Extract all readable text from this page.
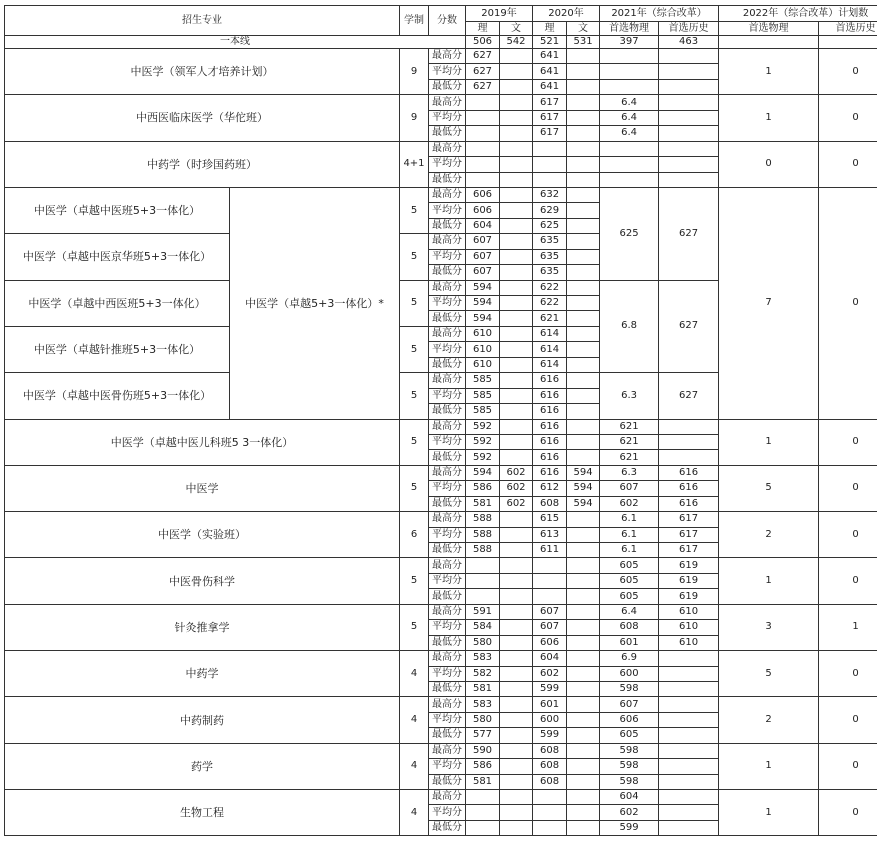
招生专业		学制	分数	2019年		2020年		2021年（综合改革）		2022年（综合改革）计划数	
				理	文	理	文	首选物理	首选历史	首选物理	首选历史
一本线				506	542	521	531	397	463		
中医学（领军人才培养计划）		9	最高分	627		641				1	0
			平均分	627		641					
			最低分	627		641					
中西医临床医学（华佗班）		9	最高分			617		6.4		1	0
			平均分			617		6.4			
			最低分			617		6.4			
中药学（时珍国药班）		4+1	最高分							0	0
			平均分								
			最低分								
中医学（卓越中医班5+3一体化）	中医学（卓越5+3一体化）*	5	最高分	606		632		625	627	7	0
			平均分	606		629					
			最低分	604		625					
中医学（卓越中医京华班5+3一体化）		5	最高分	607		635					
			平均分	607		635					
			最低分	607		635					
中医学（卓越中西医班5+3一体化）		5	最高分	594		622		6.8	627		
			平均分	594		622					
			最低分	594		621					
中医学（卓越针推班5+3一体化）		5	最高分	610		614					
			平均分	610		614					
			最低分	610		614					
中医学（卓越中医骨伤班5+3一体化）		5	最高分	585		616		6.3	627		
			平均分	585		616					
			最低分	585		616					
中医学（卓越中医儿科班5 3一体化）		5	最高分	592		616		621		1	0
			平均分	592		616		621			
			最低分	592		616		621			
中医学		5	最高分	594	602	616	594	6.3	616	5	0
			平均分	586	602	612	594	607	616		
			最低分	581	602	608	594	602	616		
中医学（实验班）		6	最高分	588		615		6.1	617	2	0
			平均分	588		613		6.1	617		
			最低分	588		611		6.1	617		
中医骨伤科学		5	最高分					605	619	1	0
			平均分					605	619		
			最低分					605	619		
针灸推拿学		5	最高分	591		607		6.4	610	3	1
			平均分	584		607		608	610		
			最低分	580		606		601	610		
中药学		4	最高分	583		604		6.9		5	0
			平均分	582		602		600			
			最低分	581		599		598			
中药制药		4	最高分	583		601		607		2	0
			平均分	580		600		606			
			最低分	577		599		605			
药学		4	最高分	590		608		598		1	0
			平均分	586		608		598			
			最低分	581		608		598			
生物工程		4	最高分					604		1	0
			平均分					602			
			最低分					599			
